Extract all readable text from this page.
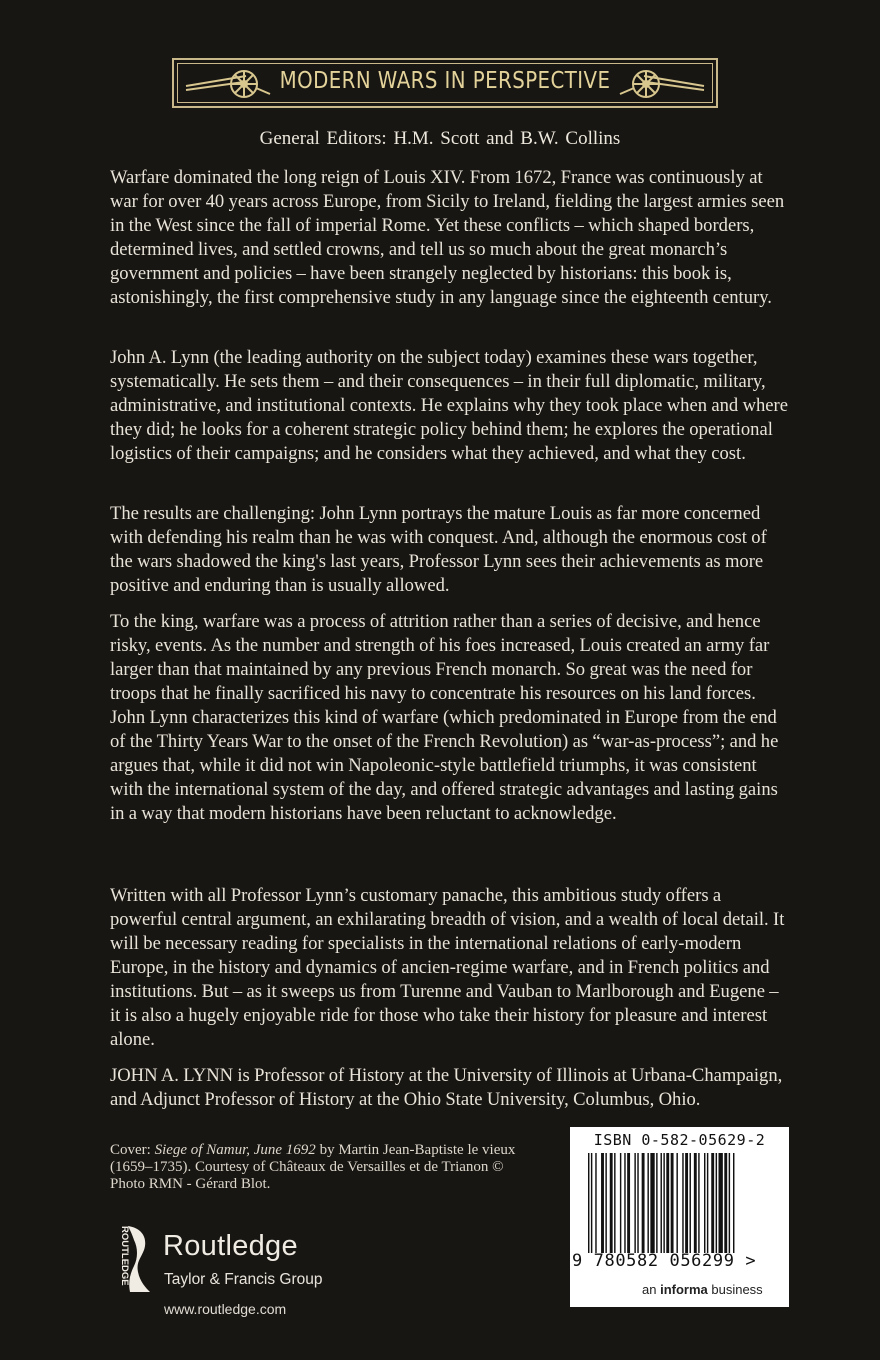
MODERN WARS IN PERSPECTIVE
General Editors: H.M. Scott and B.W. Collins

Warfare dominated the long reign of Louis XIV. From 1672, France was continuously at war for over 40 years across Europe, from Sicily to Ireland, fielding the largest armies seen in the West since the fall of imperial Rome. Yet these conflicts – which shaped borders, determined lives, and settled crowns, and tell us so much about the great monarch’s government and policies – have been strangely neglected by historians: this book is, astonishingly, the first comprehensive study in any language since the eighteenth century.

John A. Lynn (the leading authority on the subject today) examines these wars together, systematically. He sets them – and their consequences – in their full diplomatic, military, administrative, and institutional contexts. He explains why they took place when and where they did; he looks for a coherent strategic policy behind them; he explores the operational logistics of their campaigns; and he considers what they achieved, and what they cost.

The results are challenging: John Lynn portrays the mature Louis as far more concerned with defending his realm than he was with conquest. And, although the enormous cost of the wars shadowed the king's last years, Professor Lynn sees their achievements as more positive and enduring than is usually allowed.

To the king, warfare was a process of attrition rather than a series of decisive, and hence risky, events. As the number and strength of his foes increased, Louis created an army far larger than that maintained by any previous French monarch. So great was the need for troops that he finally sacrificed his navy to concentrate his resources on his land forces. John Lynn characterizes this kind of warfare (which predominated in Europe from the end of the Thirty Years War to the onset of the French Revolution) as “war-as-process”; and he argues that, while it did not win Napoleonic-style battlefield triumphs, it was consistent with the international system of the day, and offered strategic advantages and lasting gains in a way that modern historians have been reluctant to acknowledge.

Written with all Professor Lynn’s customary panache, this ambitious study offers a powerful central argument, an exhilarating breadth of vision, and a wealth of local detail. It will be necessary reading for specialists in the international relations of early-modern Europe, in the history and dynamics of ancien-regime warfare, and in French politics and institutions. But – as it sweeps us from Turenne and Vauban to Marlborough and Eugene – it is also a hugely enjoyable ride for those who take their history for pleasure and interest alone.

JOHN A. LYNN is Professor of History at the University of Illinois at Urbana-Champaign, and Adjunct Professor of History at the Ohio State University, Columbus, Ohio.

Cover: Siege of Namur, June 1692 by Martin Jean-Baptiste le vieux (1659–1735). Courtesy of Châteaux de Versailles et de Trianon © Photo RMN - Gérard Blot.

ROUTLEDGE Routledge
Taylor & Francis Group
www.routledge.com
ISBN 0-582-05629-2
9 780582 056299 >
an informa business
